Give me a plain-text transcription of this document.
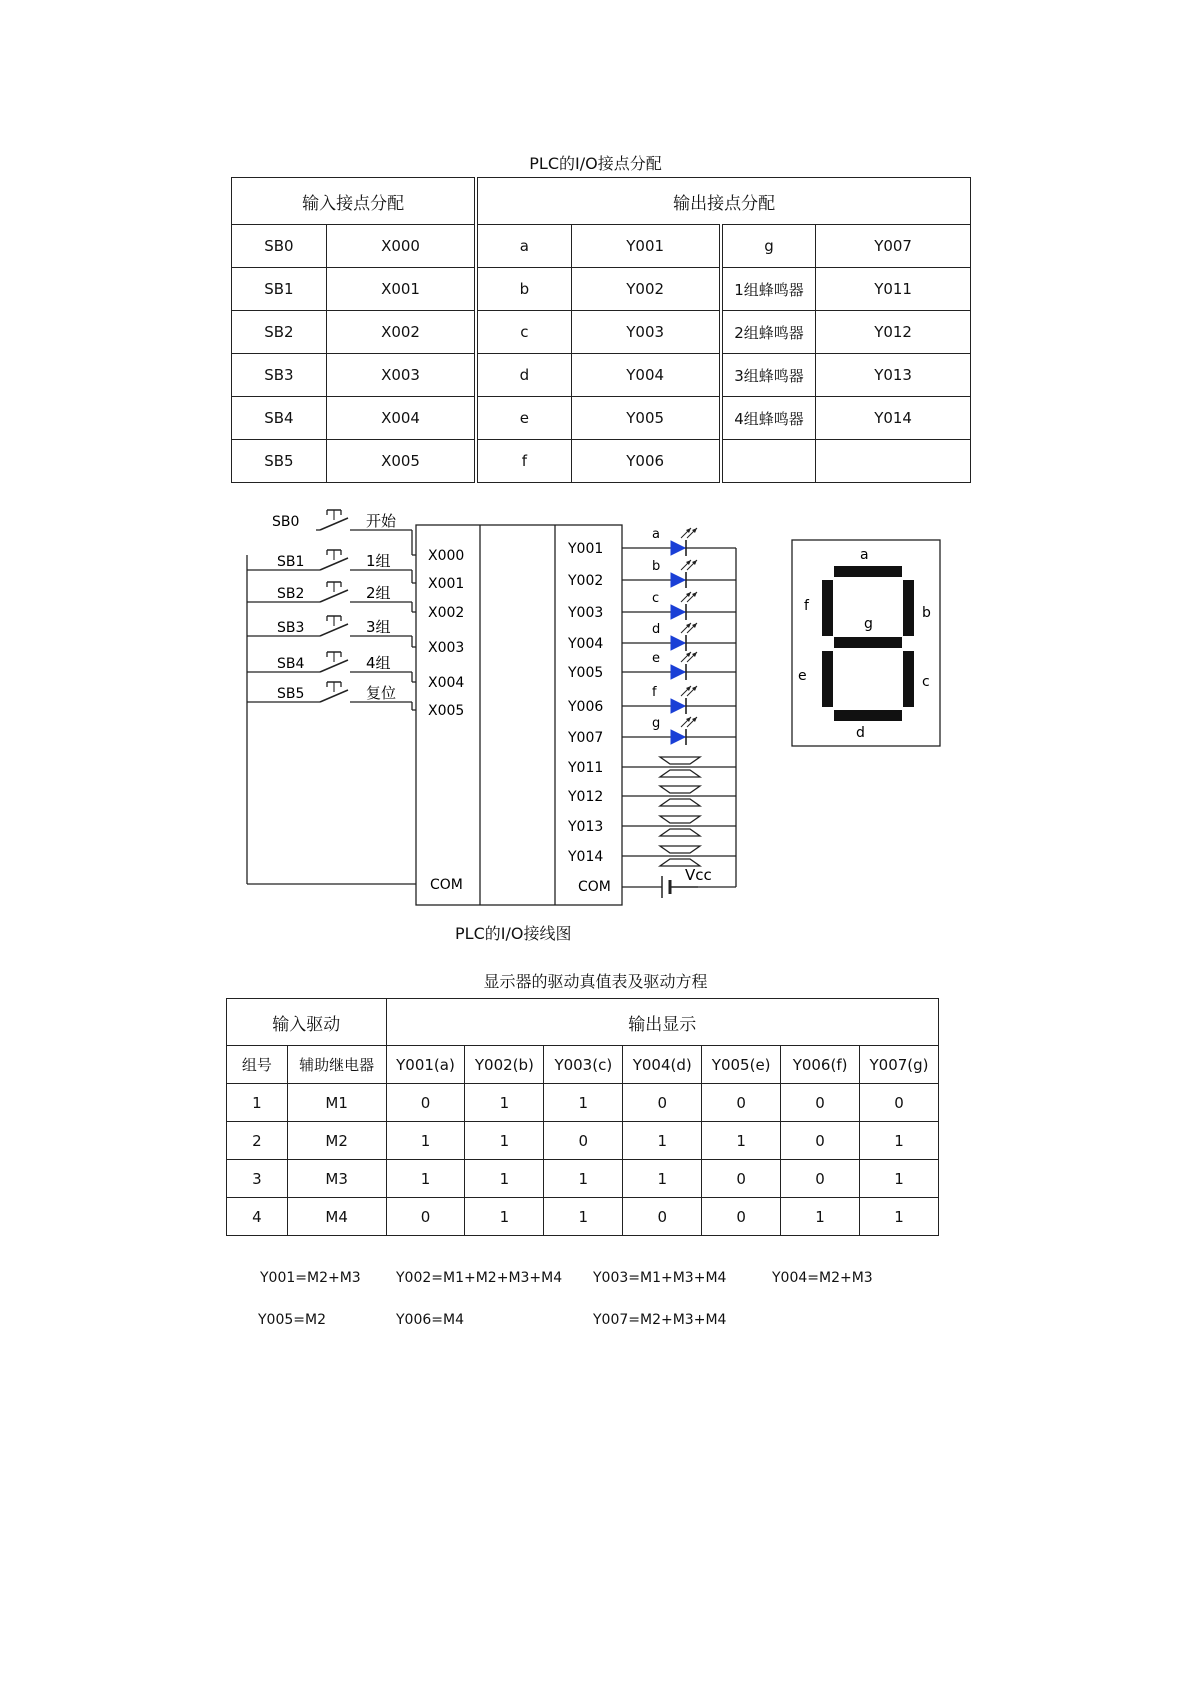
PLC的I/O接点分配
输入接点分配		输出接点分配			
SB0	X000	a	Y001	g	Y007
SB1	X001	b	Y002	1组蜂鸣器	Y011
SB2	X002	c	Y003	2组蜂鸣器	Y012
SB3	X003	d	Y004	3组蜂鸣器	Y013
SB4	X004	e	Y005	4组蜂鸣器	Y014
SB5	X005	f	Y006		
SB0	开始
X000
SB1	1组
X001
SB2	2组
X002
SB3	3组
X003
SB4	4组
X004
SB5	复位
X005
Y001
a
Y002
b
Y003
c
Y004
d
Y005
e
Y006
f
Y007
g
Y011
Y012
Y013
Y014
Vcc
COM	COM
a
b
c
d
e
f
g
PLC的I/O接线图
显示器的驱动真值表及驱动方程
输入驱动		输出显示						
组号	辅助继电器	Y001(a)	Y002(b)	Y003(c)	Y004(d)	Y005(e)	Y006(f)	Y007(g)
1	M1	0	1	1	0	0	0	0
2	M2	1	1	0	1	1	0	1
3	M3	1	1	1	1	0	0	1
4	M4	0	1	1	0	0	1	1
Y001=M2+M3	Y002=M1+M2+M3+M4 Y003=M1+M3+M4	Y004=M2+M3
Y005=M2	Y006=M4	Y007=M2+M3+M4
